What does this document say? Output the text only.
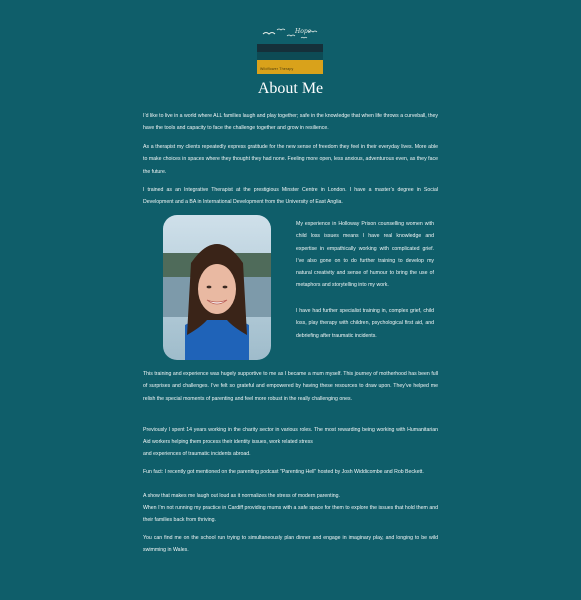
Hope
Wildflower Therapy
About Me

I’d like to live in a world where ALL families laugh and play together; safe in the knowledge that when life throws a curveball, they have the tools and capacity to face the challenge together and grow in resilience.

As a therapist my clients repeatedly express gratitude for the new sense of freedom they feel in their everyday lives. More able to make choices in spaces where they thought they had none. Feeling more open, less anxious, adventurous even, as they face the future.

I trained as an Integrative Therapist at the prestigious Minster Centre in London. I have a master’s degree in Social Development and a BA in International Development from the University of East Anglia.

My experience in Holloway Prison counselling women with child loss issues means I have real knowledge and expertise in empathically working with complicated grief. I’ve also gone on to do further training to develop my natural creativity and sense of humour to bring the use of metaphors and storytelling into my work.

I have had further specialist training in, complex grief, child loss, play therapy with children, psychological first aid, and debriefing after traumatic incidents.

This training and experience was hugely supportive to me as I became a mum myself. This journey of motherhood has been full of surprises and challenges. I’ve felt so grateful and empowered by having these resources to draw upon. They’ve helped me relish the special moments of parenting and feel more robust in the really challenging ones.

Previously I spent 14 years working in the charity sector in various roles. The most rewarding being working with Humanitarian Aid workers helping them process their identity issues, work related stress

and experiences of traumatic incidents abroad.

Fun fact: I recently got mentioned on the parenting podcast "Parenting Hell" hosted by Josh Widdicombe and Rob Beckett.

A show that makes me laugh out loud as it normalizes the stress of modern parenting.

When I’m not running my practice in Cardiff providing mums with a safe space for them to explore the issues that hold them and their families back from thriving.

You can find me on the school run trying to simultaneously plan dinner and engage in imaginary play, and longing to be wild swimming in Wales.
